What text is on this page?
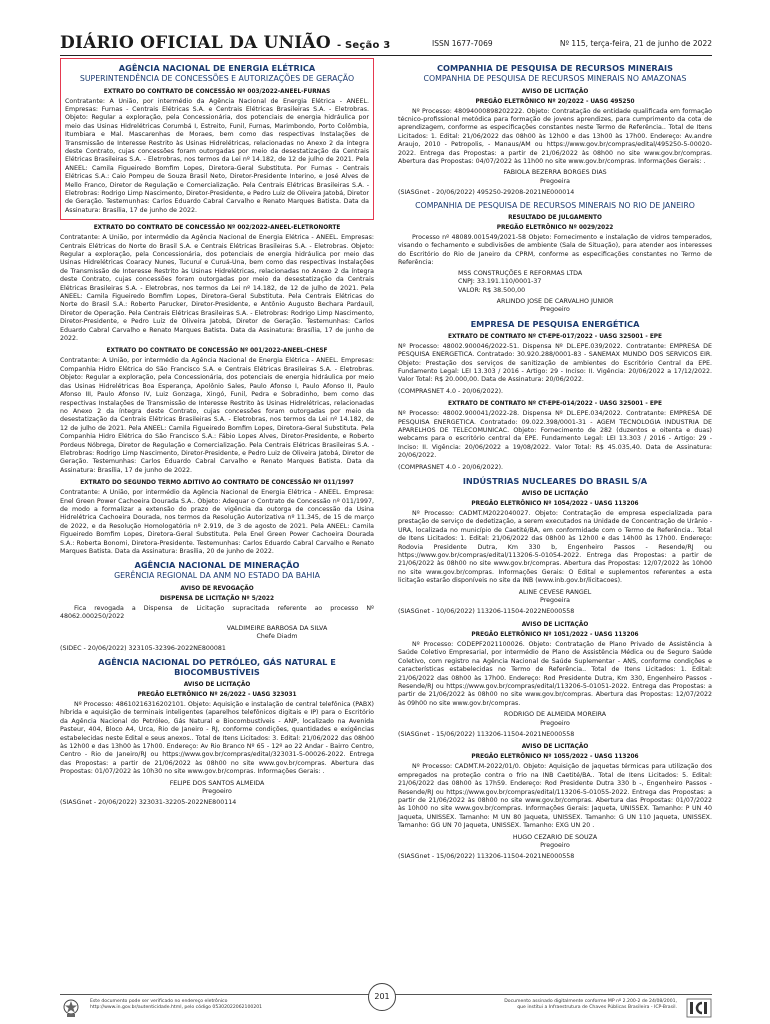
DIÁRIO OFICIAL DA UNIÃO - Seção 3	ISSN 1677-7069	Nº 115, terça-feira, 21 de junho de 2022
AGÊNCIA NACIONAL DE ENERGIA ELÉTRICA
SUPERINTENDÊNCIA DE CONCESSÕES E AUTORIZAÇÕES DE GERAÇÃO
EXTRATO DO CONTRATO DE CONCESSÃO Nº 003/2022-ANEEL-FURNAS

Contratante: A União, por intermédio da Agência Nacional de Energia Elétrica - ANEEL. Empresas: Furnas - Centrais Elétricas S.A. e Centrais Elétricas Brasileiras S.A. - Eletrobras. Objeto: Regular a exploração, pela Concessionária, dos potenciais de energia hidráulica por meio das Usinas Hidrelétricas Corumbá I, Estreito, Funil, Furnas, Marimbondo, Porto Colômbia, Itumbiara e Mal. Mascarenhas de Moraes, bem como das respectivas Instalações de Transmissão de Interesse Restrito às Usinas Hidrelétricas, relacionadas no Anexo 2 da íntegra deste Contrato, cujas concessões foram outorgadas por meio da desestatização da Centrais Elétricas Brasileiras S.A. - Eletrobras, nos termos da Lei nº 14.182, de 12 de julho de 2021. Pela ANEEL: Camila Figueiredo Bomfim Lopes, Diretora-Geral Substituta. Por Furnas - Centrais Elétricas S.A.: Caio Pompeu de Souza Brasil Neto, Diretor-Presidente Interino, e José Alves de Mello Franco, Diretor de Regulação e Comercialização. Pela Centrais Elétricas Brasileiras S.A. - Eletrobras: Rodrigo Limp Nascimento, Diretor-Presidente, e Pedro Luiz de Oliveira Jatobá, Diretor de Geração. Testemunhas: Carlos Eduardo Cabral Carvalho e Renato Marques Batista. Data da Assinatura: Brasília, 17 de junho de 2022.

EXTRATO DO CONTRATO DE CONCESSÃO Nº 002/2022-ANEEL-ELETRONORTE

Contratante: A União, por intermédio da Agência Nacional de Energia Elétrica - ANEEL. Empresas: Centrais Elétricas do Norte do Brasil S.A. e Centrais Elétricas Brasileiras S.A. - Eletrobras. Objeto: Regular a exploração, pela Concessionária, dos potenciais de energia hidráulica por meio das Usinas Hidrelétricas Coaracy Nunes, Tucuruí e Curuá-Una, bem como das respectivas Instalações de Transmissão de Interesse Restrito às Usinas Hidrelétricas, relacionadas no Anexo 2 da íntegra deste Contrato, cujas concessões foram outorgadas por meio da desestatização da Centrais Elétricas Brasileiras S.A. - Eletrobras, nos termos da Lei nº 14.182, de 12 de julho de 2021. Pela ANEEL: Camila Figueiredo Bomfim Lopes, Diretora-Geral Substituta. Pela Centrais Elétricas do Norte do Brasil S.A.: Roberto Parucker, Diretor-Presidente, e Antônio Augusto Bechara Pardauil, Diretor de Operação. Pela Centrais Elétricas Brasileiras S.A. - Eletrobras: Rodrigo Limp Nascimento, Diretor-Presidente, e Pedro Luiz de Oliveira Jatobá, Diretor de Geração. Testemunhas: Carlos Eduardo Cabral Carvalho e Renato Marques Batista. Data da Assinatura: Brasília, 17 de junho de 2022.

EXTRATO DO CONTRATO DE CONCESSÃO Nº 001/2022-ANEEL-CHESF

Contratante: A União, por intermédio da Agência Nacional de Energia Elétrica - ANEEL. Empresas: Companhia Hidro Elétrica do São Francisco S.A. e Centrais Elétricas Brasileiras S.A. - Eletrobras. Objeto: Regular a exploração, pela Concessionária, dos potenciais de energia hidráulica por meio das Usinas Hidrelétricas Boa Esperança, Apolônio Sales, Paulo Afonso I, Paulo Afonso II, Paulo Afonso III, Paulo Afonso IV, Luiz Gonzaga, Xingó, Funil, Pedra e Sobradinho, bem como das respectivas Instalações de Transmissão de Interesse Restrito às Usinas Hidrelétricas, relacionadas no Anexo 2 da íntegra deste Contrato, cujas concessões foram outorgadas por meio da desestatização da Centrais Elétricas Brasileiras S.A. - Eletrobras, nos termos da Lei nº 14.182, de 12 de julho de 2021. Pela ANEEL: Camila Figueiredo Bomfim Lopes, Diretora-Geral Substituta. Pela Companhia Hidro Elétrica do São Francisco S.A.: Fábio Lopes Alves, Diretor-Presidente, e Roberto Pordeus Nóbrega, Diretor de Regulação e Comercialização. Pela Centrais Elétricas Brasileiras S.A. - Eletrobras: Rodrigo Limp Nascimento, Diretor-Presidente, e Pedro Luiz de Oliveira Jatobá, Diretor de Geração. Testemunhas: Carlos Eduardo Cabral Carvalho e Renato Marques Batista. Data da Assinatura: Brasília, 17 de junho de 2022.

EXTRATO DO SEGUNDO TERMO ADITIVO AO CONTRATO DE CONCESSÃO Nº 011/1997

Contratante: A União, por intermédio da Agência Nacional de Energia Elétrica - ANEEL. Empresa: Enel Green Power Cachoeira Dourada S.A.. Objeto: Adequar o Contrato de Concessão nº 011/1997, de modo a formalizar a extensão do prazo de vigência da outorga de concessão da Usina Hidrelétrica Cachoeira Dourada, nos termos da Resolução Autorizativa nº 11.345, de 15 de março de 2022, e da Resolução Homologatória nº 2.919, de 3 de agosto de 2021. Pela ANEEL: Camila Figueiredo Bomfim Lopes, Diretora-Geral Substituta. Pela Enel Green Power Cachoeira Dourada S.A.: Roberta Bonomi, Diretora-Presidente. Testemunhas: Carlos Eduardo Cabral Carvalho e Renato Marques Batista. Data da Assinatura: Brasília, 20 de junho de 2022.

AGÊNCIA NACIONAL DE MINERAÇÃO
GERÊNCIA REGIONAL DA ANM NO ESTADO DA BAHIA
AVISO DE REVOGAÇÃO
DISPENSA DE LICITAÇÃO Nº 5/2022

Fica revogada a Dispensa de Licitação supracitada referente ao processo Nº 48062.000250/2022

VALDIMEIRE BARBOSA DA SILVA
Chefe Diadm
(SIDEC - 20/06/2022) 323105-32396-2022NE800081
AGÊNCIA NACIONAL DO PETRÓLEO, GÁS NATURAL E BIOCOMBUSTÍVEIS
AVISO DE LICITAÇÃO
PREGÃO ELETRÔNICO Nº 26/2022 - UASG 323031

Nº Processo: 48610216316202101. Objeto: Aquisição e instalação de central telefônica (PABX) híbrida e aquisição de terminais inteligentes (aparelhos telefônicos digitais e IP) para o Escritório da Agência Nacional do Petróleo, Gás Natural e Biocombustíveis - ANP, localizado na Avenida Pasteur, 404, Bloco A4, Urca, Rio de Janeiro - RJ, conforme condições, quantidades e exigências estabelecidas neste Edital e seus anexos.. Total de Itens Licitados: 3. Edital: 21/06/2022 das 08h00 às 12h00 e das 13h00 às 17h00. Endereço: Av Rio Branco Nº 65 - 12º ao 22 Andar - Bairro Centro, Centro - Rio de Janeiro/RJ ou https://www.gov.br/compras/edital/323031-5-00026-2022. Entrega das Propostas: a partir de 21/06/2022 às 08h00 no site www.gov.br/compras. Abertura das Propostas: 01/07/2022 às 10h30 no site www.gov.br/compras. Informações Gerais: .

FELIPE DOS SANTOS ALMEIDA
Pregoeiro
(SIASGnet - 20/06/2022) 323031-32205-2022NE800114
COMPANHIA DE PESQUISA DE RECURSOS MINERAIS
COMPANHIA DE PESQUISA DE RECURSOS MINERAIS NO AMAZONAS
AVISO DE LICITAÇÃO
PREGÃO ELETRÔNICO Nº 20/2022 - UASG 495250

Nº Processo: 48094000898202222. Objeto: Contratação de entidade qualificada em formação técnico-profissional metódica para formação de jovens aprendizes, para cumprimento da cota de aprendizagem, conforme as especificações constantes neste Termo de Referência.. Total de Itens Licitados: 1. Edital: 21/06/2022 das 08h00 às 12h00 e das 13h00 às 17h00. Endereço: Av.andre Araujo, 2010 - Petropolis, - Manaus/AM ou https://www.gov.br/compras/edital/495250-5-00020-2022. Entrega das Propostas: a partir de 21/06/2022 às 08h00 no site www.gov.br/compras. Abertura das Propostas: 04/07/2022 às 11h00 no site www.gov.br/compras. Informações Gerais: .

FABIOLA BEZERRA BORGES DIAS
Pregoeira
(SIASGnet - 20/06/2022) 495250-29208-2021NE000014
COMPANHIA DE PESQUISA DE RECURSOS MINERAIS NO RIO DE JANEIRO
RESULTADO DE JULGAMENTO
PREGÃO ELETRÔNICO Nº 0029/2022

Processo nº 48089.001549/2021-58 Objeto: Fornecimento e instalação de vidros temperados, visando o fechamento e subdivisões de ambiente (Sala de Situação), para atender aos interesses do Escritório do Rio de Janeiro da CPRM, conforme as especificações constantes no Termo de Referência:

MSS CONSTRUÇÕES E REFORMAS LTDA
CNPJ: 33.191.110/0001-37
VALOR: R$ 38.500,00
ARLINDO JOSE DE CARVALHO JUNIOR
Pregoeiro
EMPRESA DE PESQUISA ENERGÉTICA
EXTRATO DE CONTRATO Nº CT-EPE-017/2022 - UASG 325001 - EPE

Nº Processo: 48002.900046/2022-51. Dispensa Nº DL.EPE.039/2022. Contratante: EMPRESA DE PESQUISA ENERGETICA. Contratado: 30.920.288/0001-83 - SANEMAX MUNDO DOS SERVICOS EIR. Objeto: Prestação dos serviços de sanitização de ambientes do Escritório Central da EPE. Fundamento Legal: LEI 13.303 / 2016 - Artigo: 29 - Inciso: II. Vigência: 20/06/2022 a 17/12/2022. Valor Total: R$ 20.000,00. Data de Assinatura: 20/06/2022.

(COMPRASNET 4.0 - 20/06/2022).
EXTRATO DE CONTRATO Nº CT-EPE-014/2022 - UASG 325001 - EPE

Nº Processo: 48002.900041/2022-28. Dispensa Nº DL.EPE.034/2022. Contratante: EMPRESA DE PESQUISA ENERGETICA. Contratado: 09.022.398/0001-31 - AGEM TECNOLOGIA INDUSTRIA DE APARELHOS DE TELECOMUNICAC. Objeto: Fornecimento de 282 (duzentos e oitenta e duas) webcams para o escritório central da EPE. Fundamento Legal: LEI 13.303 / 2016 - Artigo: 29 - Inciso: II. Vigência: 20/06/2022 a 19/08/2022. Valor Total: R$ 45.035,40. Data de Assinatura: 20/06/2022.

(COMPRASNET 4.0 - 20/06/2022).
INDÚSTRIAS NUCLEARES DO BRASIL S/A
AVISO DE LICITAÇÃO
PREGÃO ELETRÔNICO Nº 1054/2022 - UASG 113206

Nº Processo: CADMT.M2022040027. Objeto: Contratação de empresa especializada para prestação de serviço de dedetização, a serem executados na Unidade de Concentração de Urânio - URA, localizada no município de Caetité/BA, em conformidade com o Termo de Referência.. Total de Itens Licitados: 1. Edital: 21/06/2022 das 08h00 às 12h00 e das 14h00 às 17h00. Endereço: Rodovia Presidente Dutra, Km 330 b, Engenheiro Passos - Resende/RJ ou https://www.gov.br/compras/edital/113206-5-01054-2022. Entrega das Propostas: a partir de 21/06/2022 às 08h00 no site www.gov.br/compras. Abertura das Propostas: 12/07/2022 às 10h00 no site www.gov.br/compras. Informações Gerais: O Edital e suplementos referentes a esta licitação estarão disponíveis no site da INB (www.inb.gov.br/licitacoes).

ALINE CEVESE RANGEL
Pregoeira
(SIASGnet - 10/06/2022) 113206-11504-2022NE000558
AVISO DE LICITAÇÃO
PREGÃO ELETRÔNICO Nº 1051/2022 - UASG 113206

Nº Processo: CODEPF2021100026. Objeto: Contratação de Plano Privado de Assistência à Saúde Coletivo Empresarial, por intermédio de Plano de Assistência Médica ou de Seguro Saúde Coletivo, com registro na Agência Nacional de Saúde Suplementar - ANS, conforme condições e características estabelecidas no Termo de Referência.. Total de Itens Licitados: 1. Edital: 21/06/2022 das 08h00 às 17h00. Endereço: Rod Presidente Dutra, Km 330, Engenheiro Passos - Resende/RJ ou https://www.gov.br/compras/edital/113206-5-01051-2022. Entrega das Propostas: a partir de 21/06/2022 às 08h00 no site www.gov.br/compras. Abertura das Propostas: 12/07/2022 às 09h00 no site www.gov.br/compras.

RODRIGO DE ALMEIDA MOREIRA
Pregoeiro
(SIASGnet - 15/06/2022) 113206-11504-2021NE000558
AVISO DE LICITAÇÃO
PREGÃO ELETRÔNICO Nº 1055/2022 - UASG 113206

Nº Processo: CADMT.M-2022/01/0. Objeto: Aquisição de jaquetas térmicas para utilização dos empregados na proteção contra o frio na INB Caetité/BA.. Total de Itens Licitados: 5. Edital: 21/06/2022 das 08h00 às 17h59. Endereço: Rod Presidente Dutra 330 b -, Engenheiro Passos - Resende/RJ ou https://www.gov.br/compras/edital/113206-5-01055-2022. Entrega das Propostas: a partir de 21/06/2022 às 08h00 no site www.gov.br/compras. Abertura das Propostas: 01/07/2022 às 10h00 no site www.gov.br/compras. Informações Gerais: Jaqueta, UNISSEX. Tamanho: P UN 40 Jaqueta, UNISSEX. Tamanho: M UN 80 Jaqueta, UNISSEX. Tamanho: G UN 110 Jaqueta, UNISSEX. Tamanho: GG UN 70 Jaqueta, UNISSEX. Tamanho: EXG UN 20 .

HUGO CEZARIO DE SOUZA
Pregoeiro
(SIASGnet - 15/06/2022) 113206-11504-2021NE000558
Este documento pode ser verificado no endereço eletrônico
http://www.in.gov.br/autenticidade.html, pelo código 05302022062100201
201
Documento assinado digitalmente conforme MP nº 2.200-2 de 24/08/2001,
que institui a Infraestrutura de Chaves Públicas Brasileira - ICP-Brasil.
